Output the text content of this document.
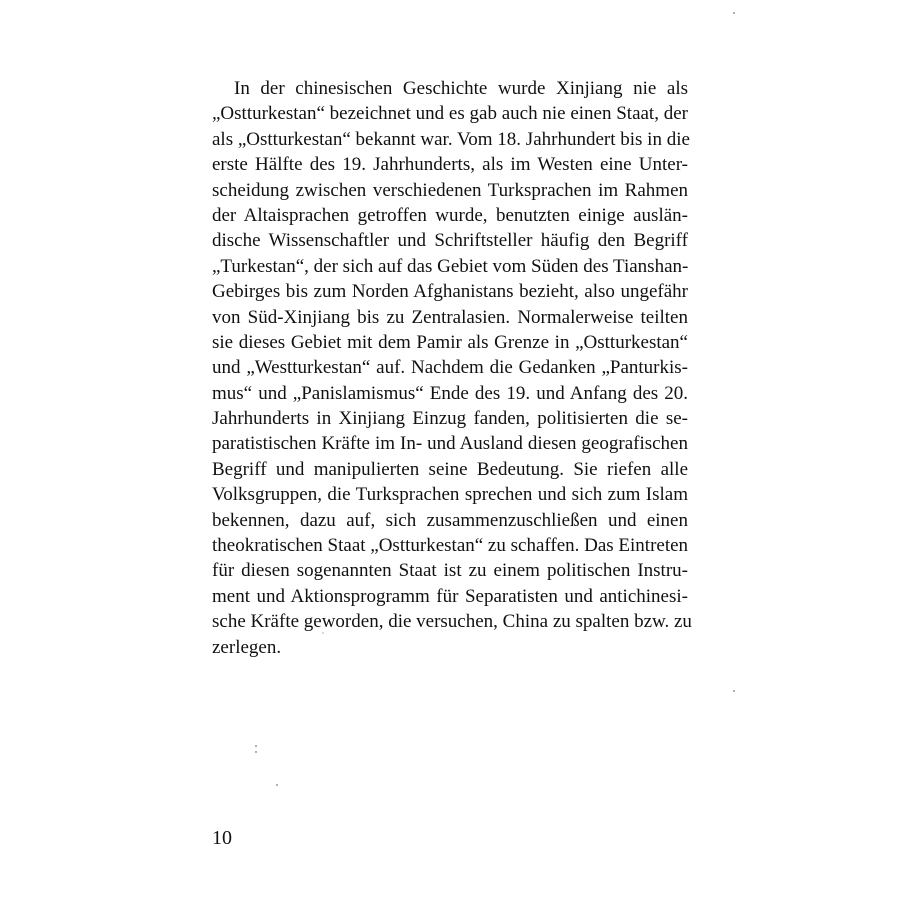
In der chinesischen Geschichte wurde Xinjiang nie als
„Ostturkestan“ bezeichnet und es gab auch nie einen Staat, der
als „Ostturkestan“ bekannt war. Vom 18. Jahrhundert bis in die
erste Hälfte des 19. Jahrhunderts, als im Westen eine Unter-
scheidung zwischen verschiedenen Turksprachen im Rahmen
der Altaisprachen getroffen wurde, benutzten einige auslän-
dische Wissenschaftler und Schriftsteller häufig den Begriff
„Turkestan“, der sich auf das Gebiet vom Süden des Tianshan-
Gebirges bis zum Norden Afghanistans bezieht, also ungefähr
von Süd-Xinjiang bis zu Zentralasien. Normalerweise teilten
sie dieses Gebiet mit dem Pamir als Grenze in „Ostturkestan“
und „Westturkestan“ auf. Nachdem die Gedanken „Panturkis-
mus“ und „Panislamismus“ Ende des 19. und Anfang des 20.
Jahrhunderts in Xinjiang Einzug fanden, politisierten die se-
paratistischen Kräfte im In- und Ausland diesen geografischen
Begriff und manipulierten seine Bedeutung. Sie riefen alle
Volksgruppen, die Turksprachen sprechen und sich zum Islam
bekennen, dazu auf, sich zusammenzuschließen und einen
theokratischen Staat „Ostturkestan“ zu schaffen. Das Eintreten
für diesen sogenannten Staat ist zu einem politischen Instru-
ment und Aktionsprogramm für Separatisten und antichinesi-
sche Kräfte geworden, die versuchen, China zu spalten bzw. zu
zerlegen.
10
